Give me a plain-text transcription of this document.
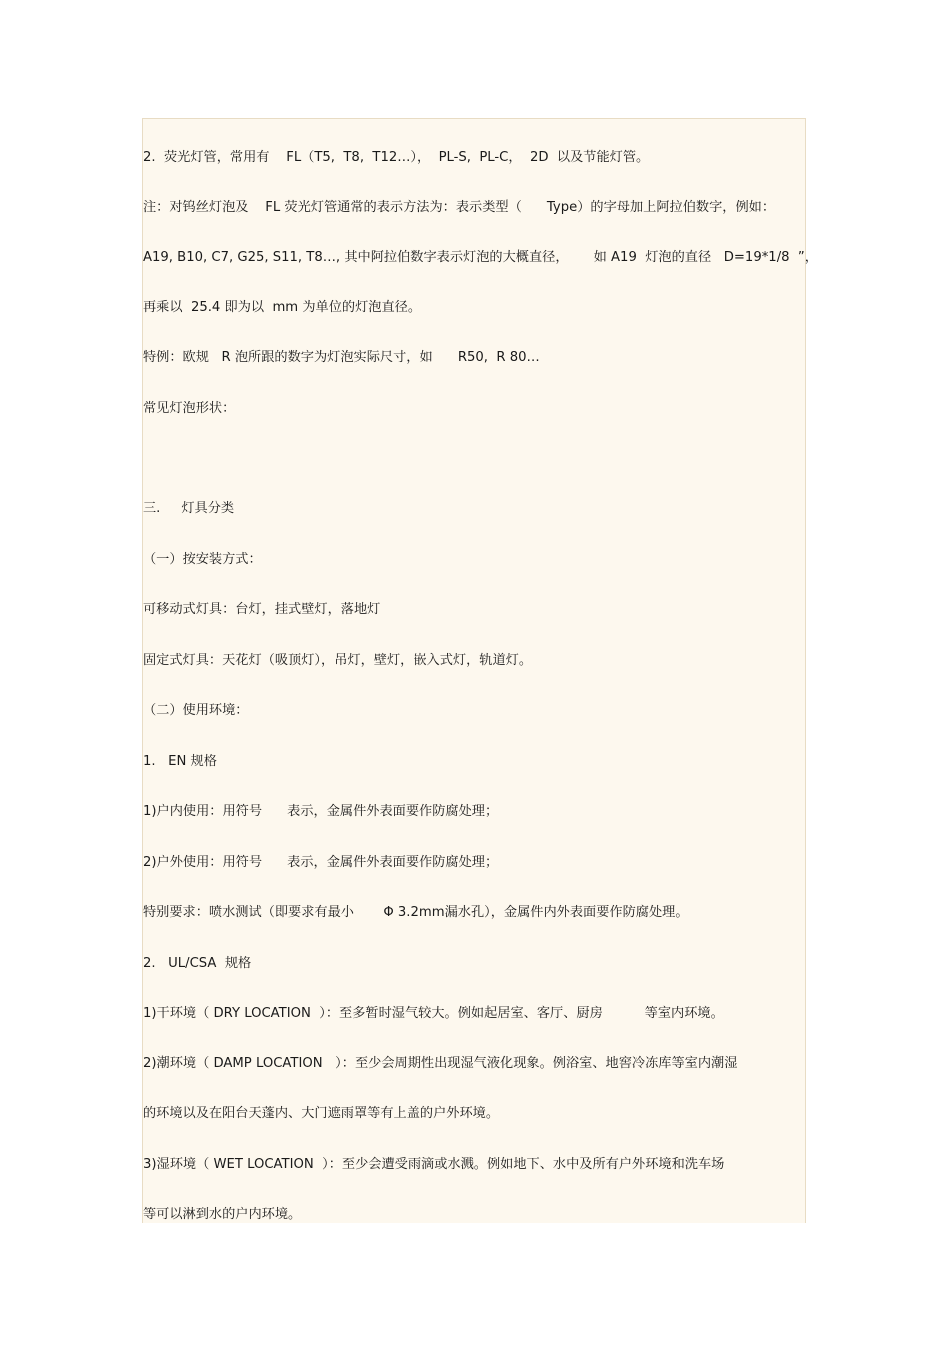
2.  荧光灯管，常用有    FL（T5,  T8,  T12…），  PL-S,  PL-C，  2D  以及节能灯管。

注：对钨丝灯泡及    FL 荧光灯管通常的表示方法为：表示类型（      Type）的字母加上阿拉伯数字，例如：

A19, B10, C7, G25, S11, T8…, 其中阿拉伯数字表示灯泡的大概直径，      如 A19  灯泡的直径   D=19*1/8  ”，

再乘以  25.4 即为以  mm 为单位的灯泡直径。

特例：欧规   R 泡所跟的数字为灯泡实际尺寸，如      R50,  R 80…

常见灯泡形状：

三.     灯具分类

（一）按安装方式：

可移动式灯具：台灯，挂式壁灯，落地灯

固定式灯具：天花灯（吸顶灯），吊灯，壁灯，嵌入式灯，轨道灯。

（二）使用环境：

1.   EN 规格

1)户内使用：用符号      表示，金属件外表面要作防腐处理；

2)户外使用：用符号      表示，金属件外表面要作防腐处理；

特别要求：喷水测试（即要求有最小       Φ 3.2mm漏水孔），金属件内外表面要作防腐处理。

2.   UL/CSA  规格

1)干环境（ DRY LOCATION  ）：至多暂时湿气较大。例如起居室、客厅、厨房          等室内环境。

2)潮环境（ DAMP LOCATION   ）：至少会周期性出现湿气液化现象。例浴室、地窖冷冻库等室内潮湿

的环境以及在阳台天蓬内、大门遮雨罩等有上盖的户外环境。

3)湿环境（ WET LOCATION  ）：至少会遭受雨滴或水溅。例如地下、水中及所有户外环境和洗车场

等可以淋到水的户内环境。
